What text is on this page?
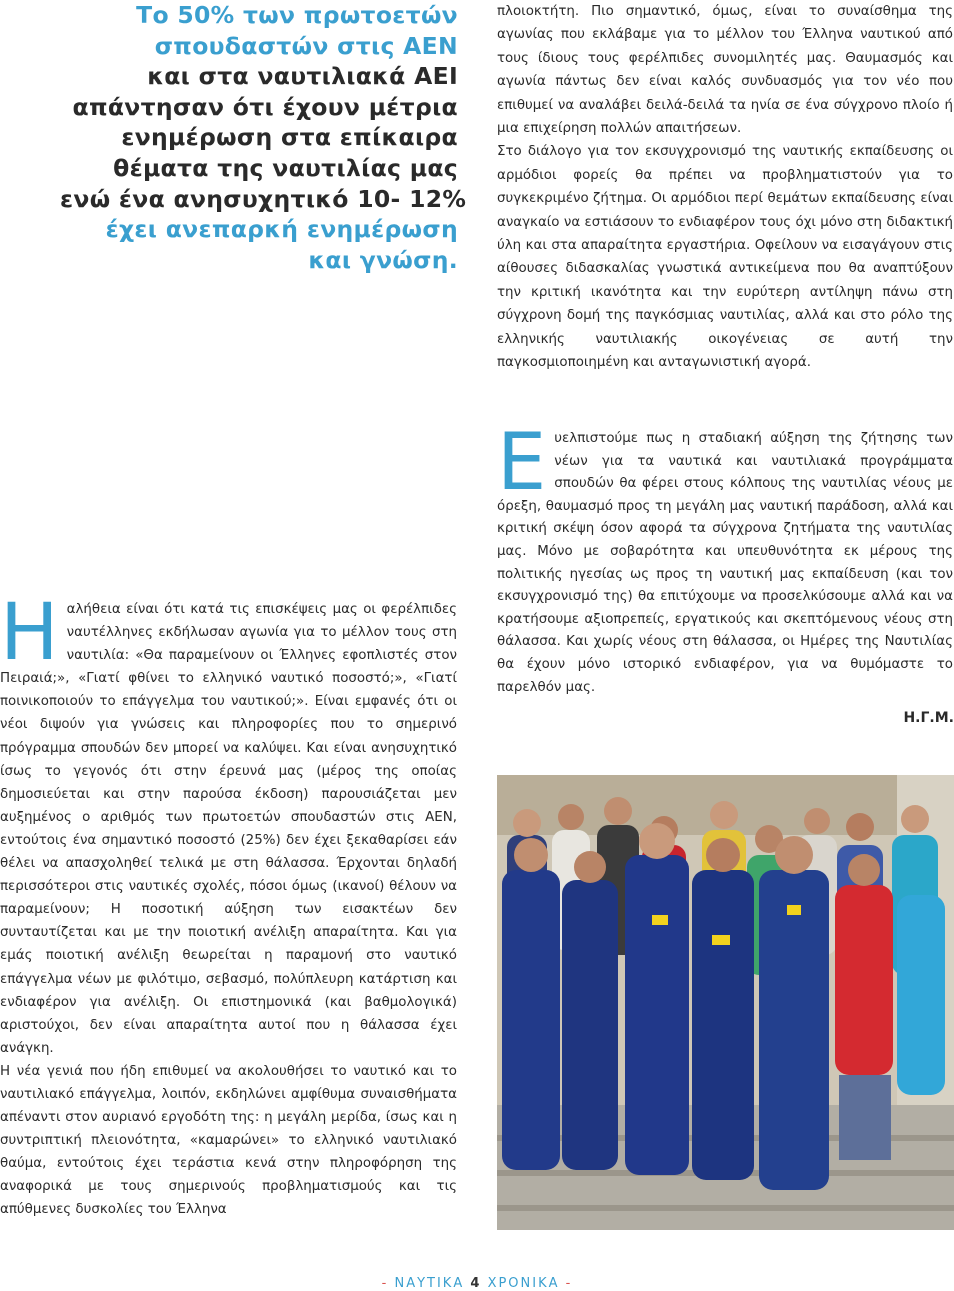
Το 50% των πρωτοετών
σπουδαστών στις ΑΕΝ
και στα ναυτιλιακά ΑΕΙ
απάντησαν ότι έχουν μέτρια
ενημέρωση στα επίκαιρα
θέματα της ναυτιλίας μας
ενώ ένα ανησυχητικό 10- 12%
έχει ανεπαρκή ενημέρωση
και γνώση.

πλοιοκτήτη. Πιο σημαντικό, όμως, είναι το συναίσθημα της αγωνίας που εκλάβαμε για το μέλλον του Έλληνα ναυτικού από τους ίδιους τους φερέλπιδες συνομιλητές μας. Θαυμασμός και αγωνία πάντως δεν είναι καλός συνδυασμός για τον νέο που επιθυμεί να αναλάβει δειλά-δειλά τα ηνία σε ένα σύγχρονο πλοίο ή μια επιχείρηση πολλών απαιτήσεων.

Στο διάλογο για τον εκσυγχρονισμό της ναυτικής εκπαίδευσης οι αρμόδιοι φορείς θα πρέπει να προβληματιστούν για το συγκεκριμένο ζήτημα. Οι αρμόδιοι περί θεμάτων εκπαίδευσης είναι αναγκαίο να εστιάσουν το ενδιαφέρον τους όχι μόνο στη διδακτική ύλη και στα απαραίτητα εργαστήρια. Οφείλουν να εισαγάγουν στις αίθουσες διδασκαλίας γνωστικά αντικείμενα που θα αναπτύξουν την κριτική ικανότητα και την ευρύτερη αντίληψη πάνω στη σύγχρονη δομή της παγκόσμιας ναυτιλίας, αλλά και στο ρόλο της ελληνικής ναυτιλιακής οικογένειας σε αυτή την παγκοσμιοποιημένη και ανταγωνιστική αγορά.

Ε υελπιστούμε πως η σταδιακή αύξηση της ζήτησης των νέων για τα ναυτικά και ναυτιλιακά προγράμματα σπουδών θα φέρει στους κόλπους της ναυτιλίας νέους με όρεξη, θαυμασμό προς τη μεγάλη μας ναυτική παράδοση, αλλά και κριτική σκέψη όσον αφορά τα σύγχρονα ζητήματα της ναυτιλίας μας. Μόνο με σοβαρότητα και υπευθυνότητα εκ μέρους της πολιτικής ηγεσίας ως προς τη ναυτική μας εκπαίδευση (και τον εκσυγχρονισμό της) θα επιτύχουμε να προσελκύσουμε αλλά και να κρατήσουμε αξιοπρεπείς, εργατικούς και σκεπτόμενους νέους στη θάλασσα. Και χωρίς νέους στη θάλασσα, οι Ημέρες της Ναυτιλίας θα έχουν μόνο ιστορικό ενδιαφέρον, για να θυμόμαστε το παρελθόν μας.

Η.Γ.Μ.
Η αλήθεια είναι ότι κατά τις επισκέψεις μας οι φερέλπιδες ναυτέλληνες εκδήλωσαν αγωνία για το μέλλον τους στη ναυτιλία: «Θα παραμείνουν οι Έλληνες εφοπλιστές στον Πειραιά;», «Γιατί φθίνει το ελληνικό ναυτικό ποσοστό;», «Γιατί ποινικοποιούν το επάγγελμα του ναυτικού;». Είναι εμφανές ότι οι νέοι διψούν για γνώσεις και πληροφορίες που το σημερινό πρόγραμμα σπουδών δεν μπορεί να καλύψει. Και είναι ανησυχητικό ίσως το γεγονός ότι στην έρευνά μας (μέρος της οποίας δημοσιεύεται και στην παρούσα έκδοση) παρουσιάζεται μεν αυξημένος ο αριθμός των πρωτοετών σπουδαστών στις ΑΕΝ, εντούτοις ένα σημαντικό ποσοστό (25%) δεν έχει ξεκαθαρίσει εάν θέλει να απασχοληθεί τελικά με στη θάλασσα. Έρχονται δηλαδή περισσότεροι στις ναυτικές σχολές, πόσοι όμως (ικανοί) θέλουν να παραμείνουν; Η ποσοτική αύξηση των εισακτέων δεν συνταυτίζεται και με την ποιοτική ανέλιξη απαραίτητα. Και για εμάς ποιοτική ανέλιξη θεωρείται η παραμονή στο ναυτικό επάγγελμα νέων με φιλότιμο, σεβασμό, πολύπλευρη κατάρτιση και ενδιαφέρον για ανέλιξη. Οι επιστημονικά (και βαθμολογικά) αριστούχοι, δεν είναι απαραίτητα αυτοί που η θάλασσα έχει ανάγκη.

Η νέα γενιά που ήδη επιθυμεί να ακολουθήσει το ναυτικό και το ναυτιλιακό επάγγελμα, λοιπόν, εκδηλώνει αμφίθυμα συναισθήματα απέναντι στον αυριανό εργοδότη της: η μεγάλη μερίδα, ίσως και η συντριπτική πλειονότητα, «καμαρώνει» το ελληνικό ναυτιλιακό θαύμα, εντούτοις έχει τεράστια κενά στην πληροφόρηση της αναφορικά με τους σημερινούς προβληματισμούς και τις απύθμενες δυσκολίες του Έλληνα

- ΝΑΥΤΙΚΑ 4 ΧΡΟΝΙΚΑ -
